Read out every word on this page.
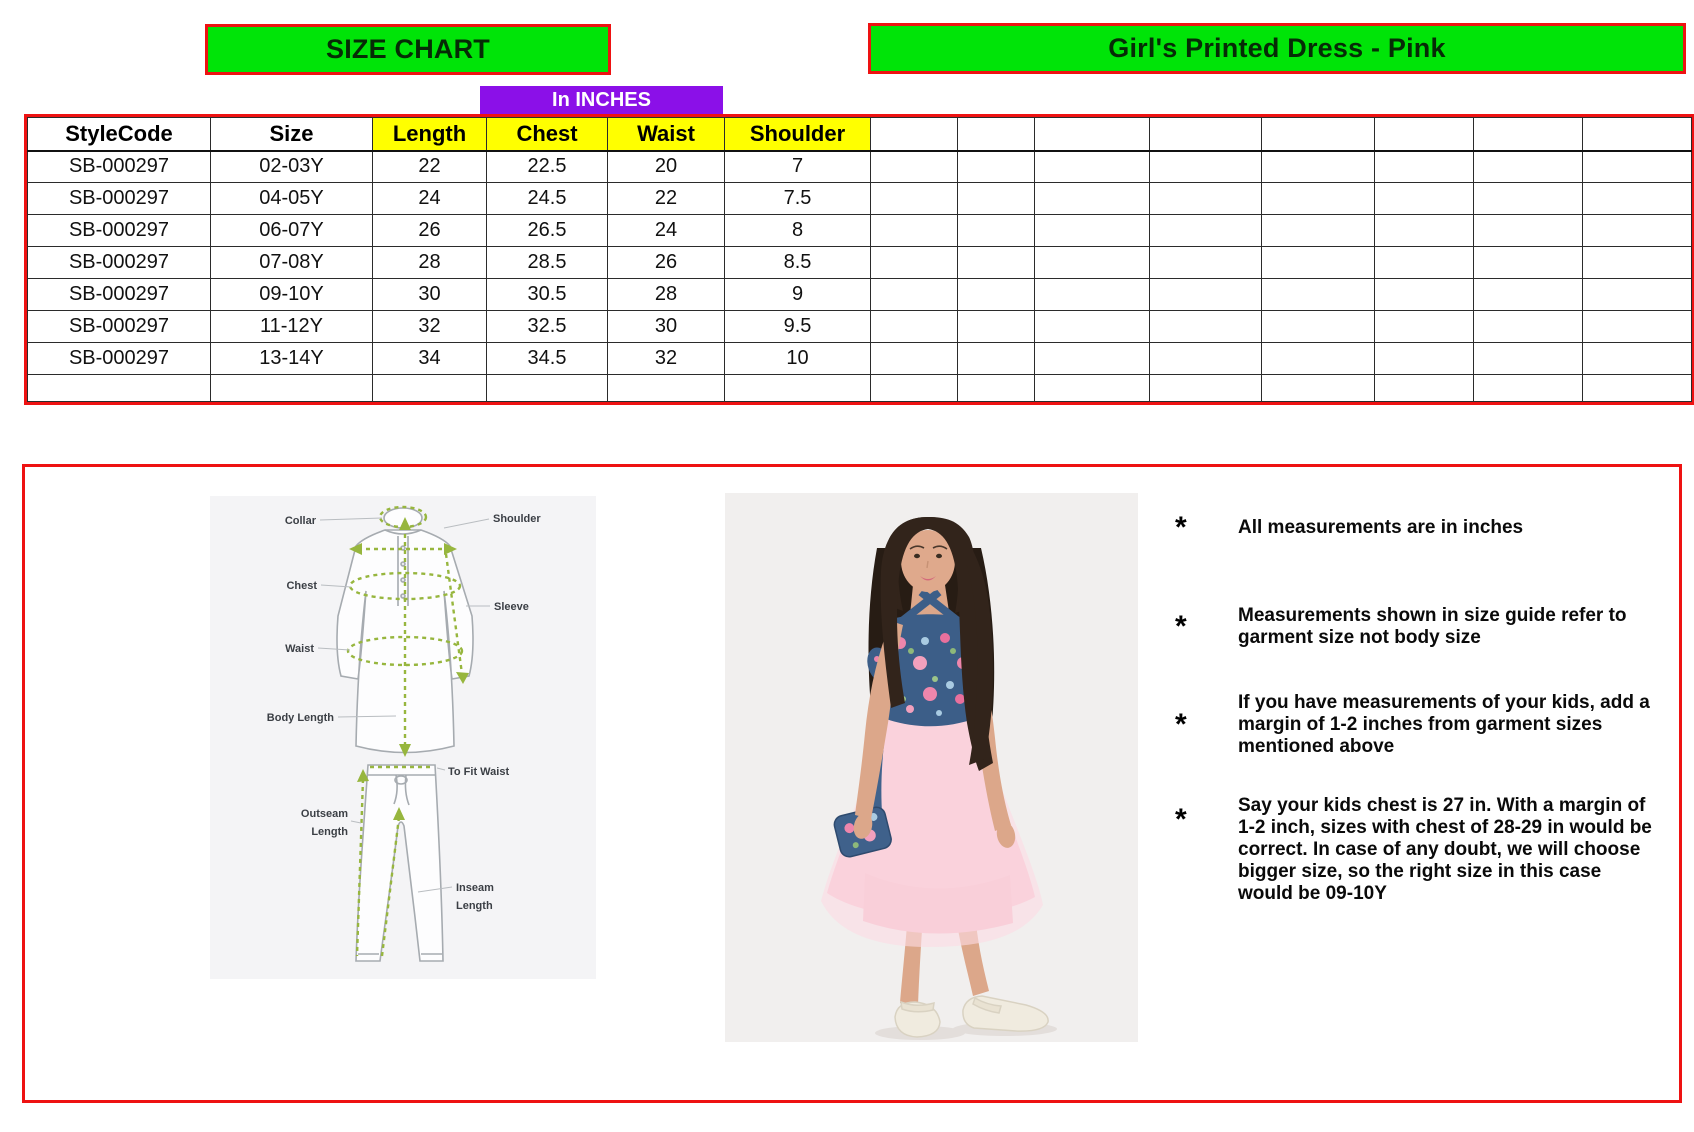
SIZE CHART	Girl's Printed Dress - Pink
In INCHES
StyleCode	Size	Length	Chest	Waist	Shoulder								
SB-000297	02-03Y	22	22.5	20	7								
SB-000297	04-05Y	24	24.5	22	7.5								
SB-000297	06-07Y	26	26.5	24	8								
SB-000297	07-08Y	28	28.5	26	8.5								
SB-000297	09-10Y	30	30.5	28	9								
SB-000297	11-12Y	32	32.5	30	9.5								
SB-000297	13-14Y	34	34.5	32	10								

Collar	Shoulder
Chest
Sleeve
Waist
Body Length
To Fit Waist
Outseam
Length
Inseam
Length
*	All measurements are in inches
*	Measurements shown in size guide refer to garment size not body size
*
If you have measurements of your kids, add a margin of 1-2 inches from garment sizes mentioned above
*	Say your kids chest is 27 in. With a margin of 1-2 inch, sizes with chest of 28-29 in would be correct. In case of any doubt, we will choose bigger size, so the right size in this case would be 09-10Y
